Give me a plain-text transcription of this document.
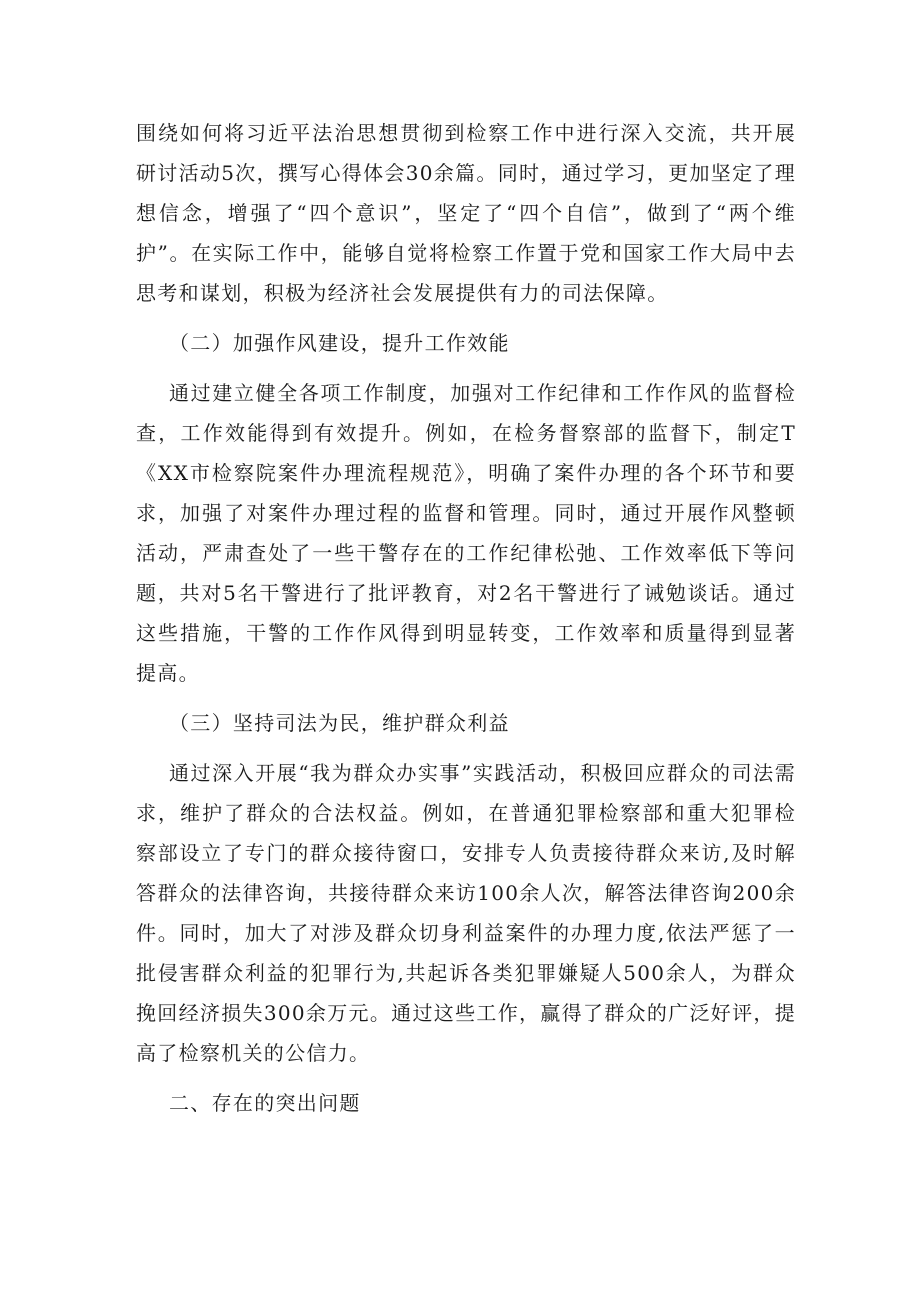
围绕如何将习近平法治思想贯彻到检察工作中进行深入交流，共开展研讨活动5次，撰写心得体会30余篇。同时，通过学习，更加坚定了理想信念，增强了“四个意识”，坚定了“四个自信”，做到了“两个维护”。在实际工作中，能够自觉将检察工作置于党和国家工作大局中去思考和谋划，积极为经济社会发展提供有力的司法保障。

（二）加强作风建设，提升工作效能

通过建立健全各项工作制度，加强对工作纪律和工作作风的监督检查，工作效能得到有效提升。例如，在检务督察部的监督下，制定T《XX市检察院案件办理流程规范》，明确了案件办理的各个环节和要求，加强了对案件办理过程的监督和管理。同时，通过开展作风整顿活动，严肃查处了一些干警存在的工作纪律松弛、工作效率低下等问题，共对5名干警进行了批评教育，对2名干警进行了诫勉谈话。通过这些措施，干警的工作作风得到明显转变，工作效率和质量得到显著提高。

（三）坚持司法为民，维护群众利益

通过深入开展“我为群众办实事”实践活动，积极回应群众的司法需求，维护了群众的合法权益。例如，在普通犯罪检察部和重大犯罪检察部设立了专门的群众接待窗口，安排专人负责接待群众来访,及时解答群众的法律咨询，共接待群众来访100余人次，解答法律咨询200余件。同时，加大了对涉及群众切身利益案件的办理力度,依法严惩了一批侵害群众利益的犯罪行为,共起诉各类犯罪嫌疑人500余人，为群众挽回经济损失300余万元。通过这些工作，赢得了群众的广泛好评，提高了检察机关的公信力。

二、存在的突出问题
